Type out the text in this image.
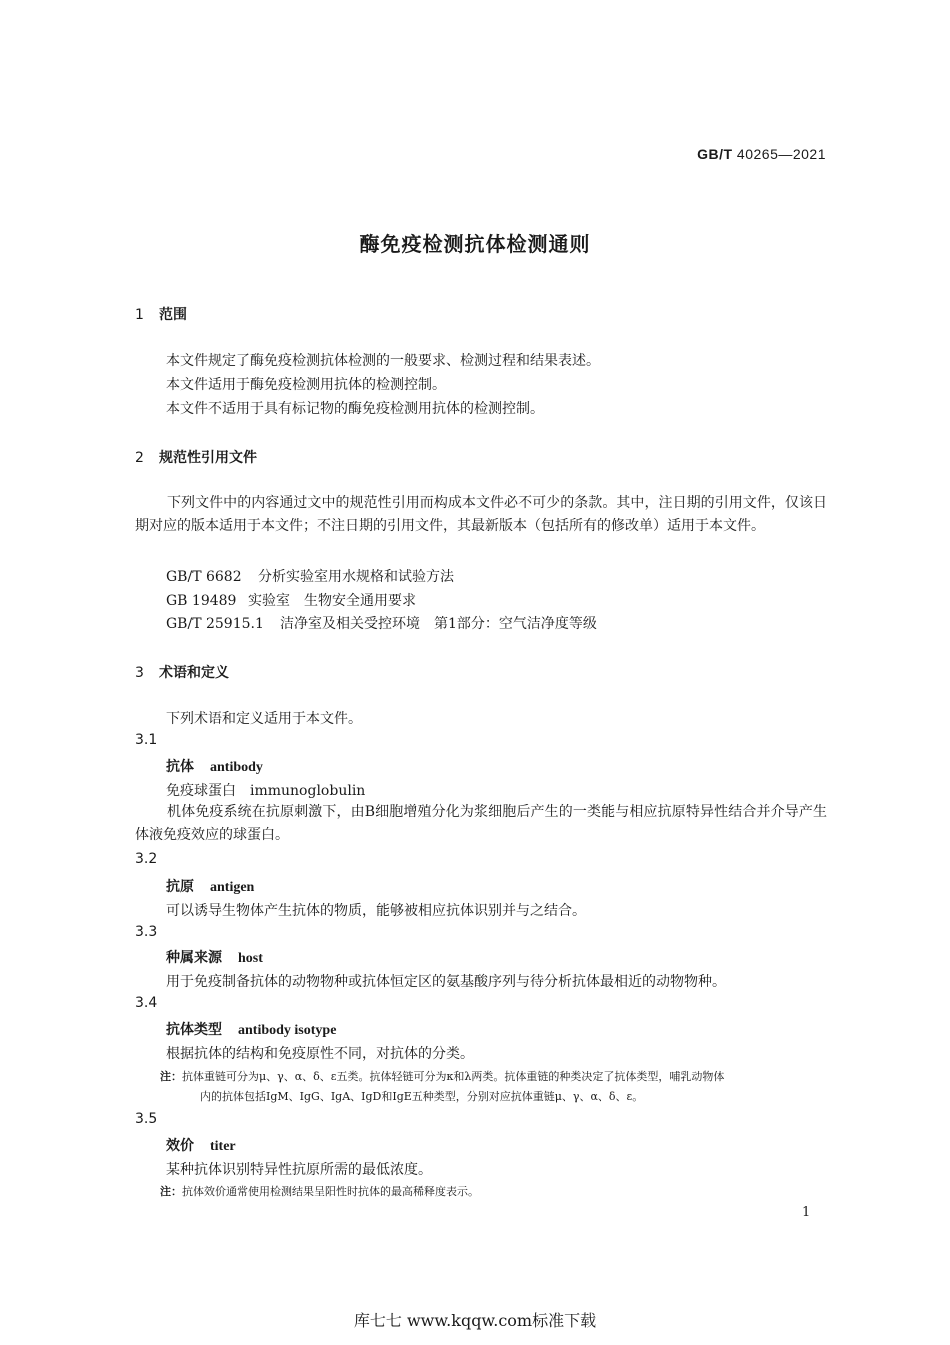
GB/T 40265—2021
酶免疫检测抗体检测通则
1 范围
本文件规定了酶免疫检测抗体检测的一般要求、检测过程和结果表述。
本文件适用于酶免疫检测用抗体的检测控制。
本文件不适用于具有标记物的酶免疫检测用抗体的检测控制。
2 规范性引用文件

下列文件中的内容通过文中的规范性引用而构成本文件必不可少的条款。其中，注日期的引用文件，仅该日期对应的版本适用于本文件；不注日期的引用文件，其最新版本（包括所有的修改单）适用于本文件。

GB/T 6682 分析实验室用水规格和试验方法
GB 19489 实验室　生物安全通用要求
GB/T 25915.1 洁净室及相关受控环境　第1部分：空气洁净度等级
3 术语和定义
下列术语和定义适用于本文件。
3.1
抗体 antibody
免疫球蛋白　immunoglobulin

机体免疫系统在抗原刺激下，由B细胞增殖分化为浆细胞后产生的一类能与相应抗原特异性结合并介导产生体液免疫效应的球蛋白。

3.2
抗原 antigen
可以诱导生物体产生抗体的物质，能够被相应抗体识别并与之结合。
3.3
种属来源 host
用于免疫制备抗体的动物物种或抗体恒定区的氨基酸序列与待分析抗体最相近的动物物种。
3.4
抗体类型 antibody isotype
根据抗体的结构和免疫原性不同，对抗体的分类。
注：抗体重链可分为μ、γ、α、δ、ε五类。抗体轻链可分为κ和λ两类。抗体重链的种类决定了抗体类型，哺乳动物体
内的抗体包括IgM、IgG、IgA、IgD和IgE五种类型，分别对应抗体重链μ、γ、α、δ、ε。
3.5
效价 titer
某种抗体识别特异性抗原所需的最低浓度。
注：抗体效价通常使用检测结果呈阳性时抗体的最高稀释度表示。
1
库七七 www.kqqw.com标准下载
